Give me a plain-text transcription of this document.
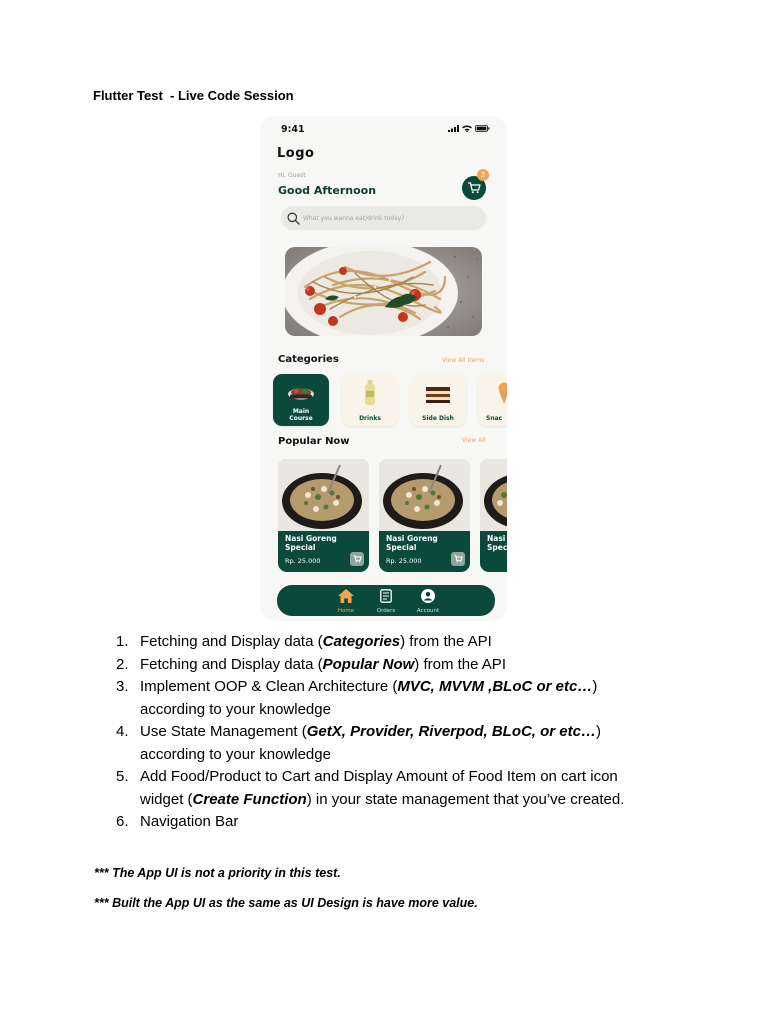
Flutter Test  - Live Code Session
9:41
Logo
Hi, Guest
Good Afternoon
2
What you wanna eat/drink today?
Categories	View All Items
Main
Course	Drinks	Side Dish	Snac
Popular Now	View All
Nasi Goreng
Special
Rp. 25.000
Nasi Goreng
Special
Rp. 25.000
Nasi
Spec
Home	Orders	Account
1. Fetching and Display data (Categories) from the API
2. Fetching and Display data (Popular Now) from the API
3. Implement OOP & Clean Architecture (MVC, MVVM ,BLoC or etc…)
according to your knowledge
4. Use State Management (GetX, Provider, Riverpod, BLoC, or etc…)
according to your knowledge
5. Add Food/Product to Cart and Display Amount of Food Item on cart icon
widget (Create Function) in your state management that you’ve created.
6. Navigation Bar
*** The App UI is not a priority in this test.
*** Built the App UI as the same as UI Design is have more value.
